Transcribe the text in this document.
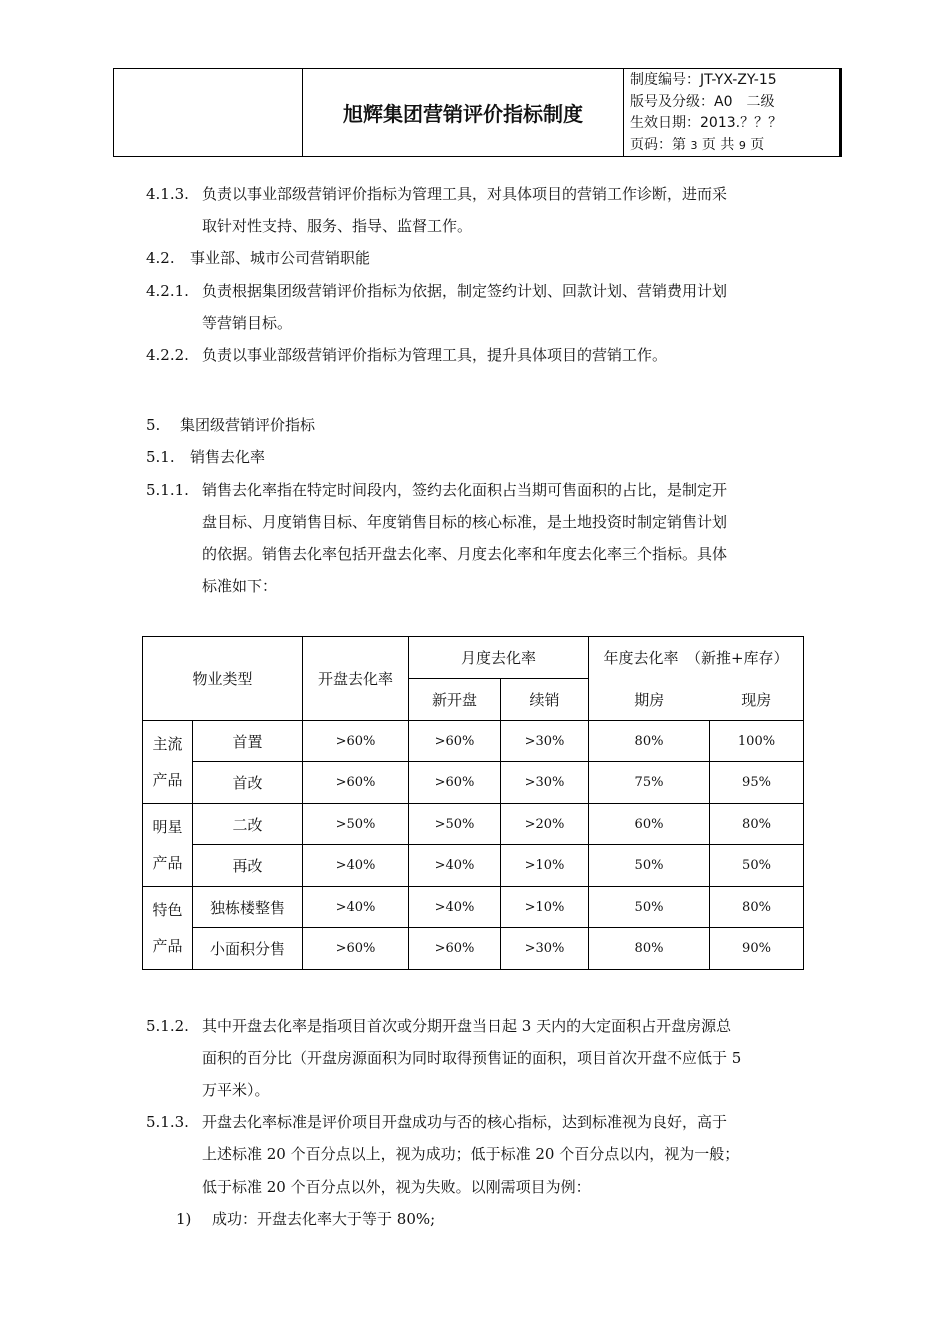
旭辉集团营销评价指标制度
制度编号：JT-YX-ZY-15
版号及分级：A0　二级
生效日期：2013.？？？
页码：第 3 页 共 9 页
4.1.3. 负责以事业部级营销评价指标为管理工具，对具体项目的营销工作诊断，进而采
取针对性支持、服务、指导、监督工作。
4.2. 事业部、城市公司营销职能
4.2.1. 负责根据集团级营销评价指标为依据，制定签约计划、回款计划、营销费用计划
等营销目标。
4.2.2. 负责以事业部级营销评价指标为管理工具，提升具体项目的营销工作。
5. 集团级营销评价指标
5.1. 销售去化率
5.1.1. 销售去化率指在特定时间段内，签约去化面积占当期可售面积的占比，是制定开
盘目标、月度销售目标、年度销售目标的核心标准，是土地投资时制定销售计划
的依据。销售去化率包括开盘去化率、月度去化率和年度去化率三个指标。具体
标准如下：
物业类型		开盘去化率	月度去化率		年度去化率　（新推+库存）	
			新开盘	续销	期房	现房

主流
产品	首置	>60%	>60%	>30%	80%	100%
	首改	>60%	>60%	>30%	75%	95%

明星
产品	二改	>50%	>50%	>20%	60%	80%
	再改	>40%	>40%	>10%	50%	50%

特色
产品	独栋楼整售	>40%	>40%	>10%	50%	80%
	小面积分售	>60%	>60%	>30%	80%	90%
5.1.2. 其中开盘去化率是指项目首次或分期开盘当日起 3 天内的大定面积占开盘房源总
面积的百分比（开盘房源面积为同时取得预售证的面积，项目首次开盘不应低于 5
万平米）。
5.1.3. 开盘去化率标准是评价项目开盘成功与否的核心指标，达到标准视为良好，高于
上述标准 20 个百分点以上，视为成功；低于标准 20 个百分点以内，视为一般；
低于标准 20 个百分点以外，视为失败。以刚需项目为例：
1) 成功：开盘去化率大于等于 80%;
